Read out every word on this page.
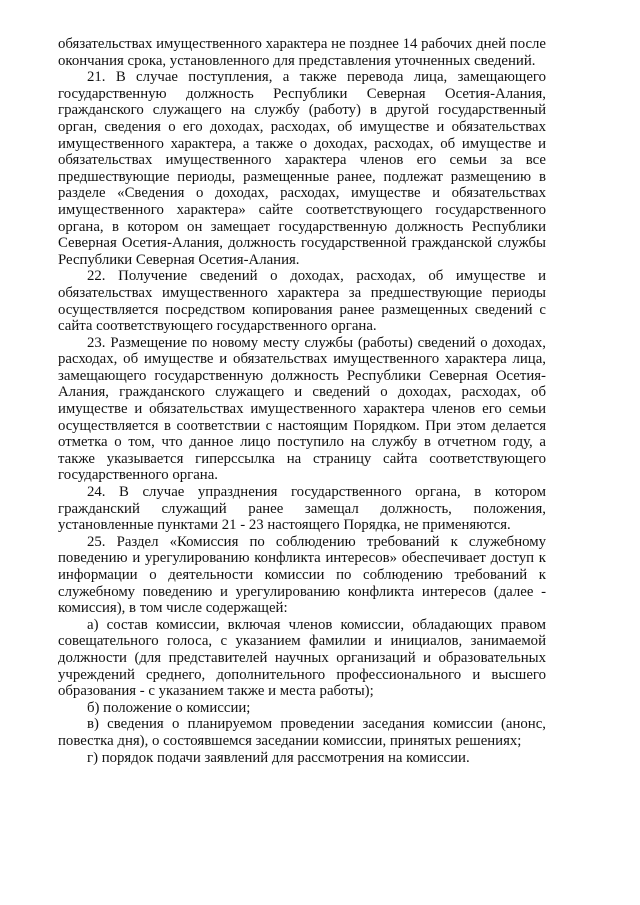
обязательствах имущественного характера не позднее 14 рабочих дней после окончания срока, установленного для представления уточненных сведений.

21. В случае поступления, а также перевода лица, замещающего государственную должность Республики Северная Осетия-Алания, гражданского служащего на службу (работу) в другой государственный орган, сведения о его доходах, расходах, об имуществе и обязательствах имущественного характера, а также о доходах, расходах, об имуществе и обязательствах имущественного характера членов его семьи за все предшествующие периоды, размещенные ранее, подлежат размещению в разделе «Сведения о доходах, расходах, имуществе и обязательствах имущественного характера» сайте соответствующего государственного органа, в котором он замещает государственную должность Республики Северная Осетия-Алания, должность государственной гражданской службы Республики Северная Осетия-Алания.

22. Получение сведений о доходах, расходах, об имуществе и обязательствах имущественного характера за предшествующие периоды осуществляется посредством копирования ранее размещенных сведений с сайта соответствующего государственного органа.

23. Размещение по новому месту службы (работы) сведений о доходах, расходах, об имуществе и обязательствах имущественного характера лица, замещающего государственную должность Республики Северная Осетия-Алания, гражданского служащего и сведений о доходах, расходах, об имуществе и обязательствах имущественного характера членов его семьи осуществляется в соответствии с настоящим Порядком. При этом делается отметка о том, что данное лицо поступило на службу в отчетном году, а также указывается гиперссылка на страницу сайта соответствующего государственного органа.

24. В случае упразднения государственного органа, в котором гражданский служащий ранее замещал должность, положения, установленные пунктами 21 - 23 настоящего Порядка, не применяются.

25. Раздел «Комиссия по соблюдению требований к служебному поведению и урегулированию конфликта интересов» обеспечивает доступ к информации о деятельности комиссии по соблюдению требований к служебному поведению и урегулированию конфликта интересов (далее - комиссия), в том числе содержащей:

а) состав комиссии, включая членов комиссии, обладающих правом совещательного голоса, с указанием фамилии и инициалов, занимаемой должности (для представителей научных организаций и образовательных учреждений среднего, дополнительного профессионального и высшего образования - с указанием также и места работы);

б) положение о комиссии;

в) сведения о планируемом проведении заседания комиссии (анонс, повестка дня), о состоявшемся заседании комиссии, принятых решениях;

г) порядок подачи заявлений для рассмотрения на комиссии.
